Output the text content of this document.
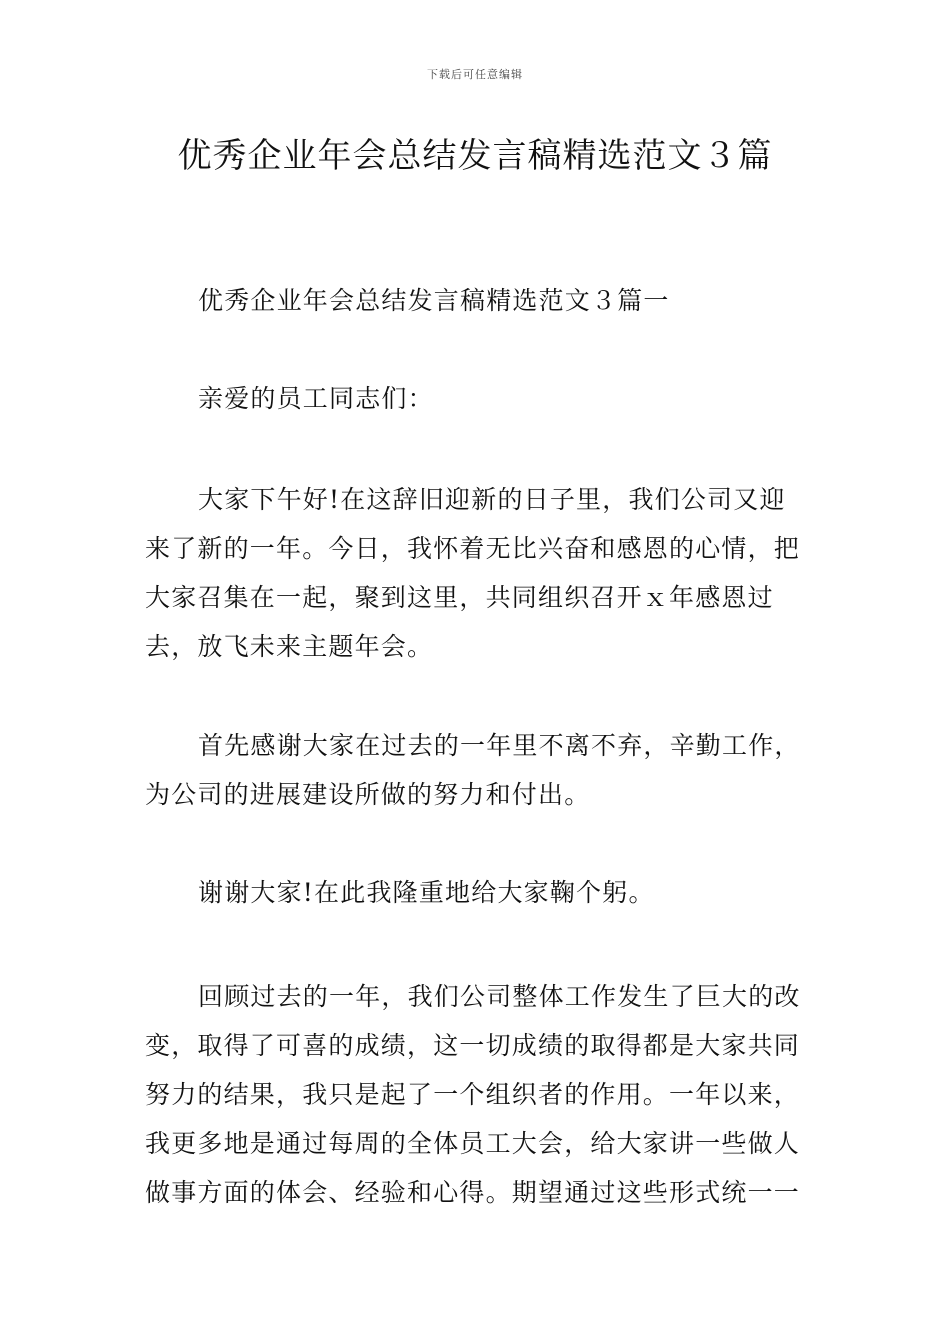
下载后可任意编辑
优秀企业年会总结发言稿精选范文３篇

优秀企业年会总结发言稿精选范文３篇一

亲爱的员工同志们：

大家下午好!在这辞旧迎新的日子里，我们公司又迎来了新的一年。今日，我怀着无比兴奋和感恩的心情，把大家召集在一起，聚到这里，共同组织召开ｘ年感恩过去，放飞未来主题年会。

首先感谢大家在过去的一年里不离不弃，辛勤工作，为公司的进展建设所做的努力和付出。

谢谢大家!在此我隆重地给大家鞠个躬。

回顾过去的一年，我们公司整体工作发生了巨大的改变，取得了可喜的成绩，这一切成绩的取得都是大家共同努力的结果，我只是起了一个组织者的作用。一年以来，我更多地是通过每周的全体员工大会，给大家讲一些做人做事方面的体会、经验和心得。期望通过这些形式统一一
